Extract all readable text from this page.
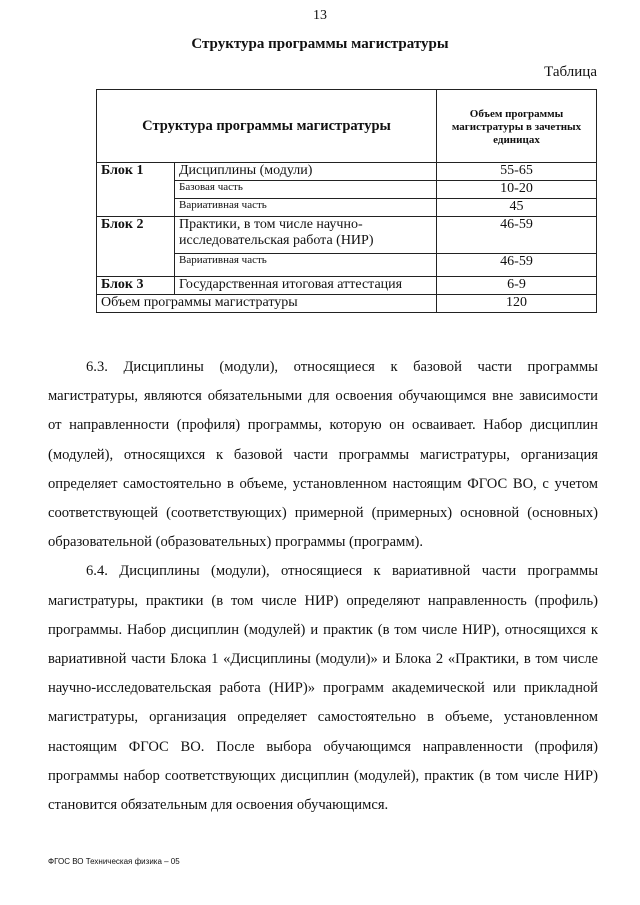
13
Структура программы магистратуры
Таблица
Структура программы магистратуры		Объем программы магистратуры в зачетных единицах
Блок 1	Дисциплины (модули)	55-65
	Базовая часть	10-20
	Вариативная часть	45
Блок 2	Практики, в том числе научно-исследовательская работа (НИР)	46-59
	Вариативная часть	46-59
Блок 3	Государственная итоговая аттестация	6-9
Объем программы магистратуры		120

6.3. Дисциплины (модули), относящиеся к базовой части программы магистратуры, являются обязательными для освоения обучающимся вне зависимости от направленности (профиля) программы, которую он осваивает. Набор дисциплин (модулей), относящихся к базовой части программы магистратуры, организация определяет самостоятельно в объеме, установленном настоящим ФГОС ВО, с учетом соответствующей (соответствующих) примерной (примерных) основной (основных) образовательной (образовательных) программы (программ).

6.4. Дисциплины (модули), относящиеся к вариативной части программы магистратуры, практики (в том числе НИР) определяют направленность (профиль) программы. Набор дисциплин (модулей) и практик (в том числе НИР), относящихся к вариативной части Блока 1 «Дисциплины (модули)» и Блока 2 «Практики, в том числе научно-исследовательская работа (НИР)» программ академической или прикладной магистратуры, организация определяет самостоятельно в объеме, установленном настоящим ФГОС ВО. После выбора обучающимся направленности (профиля) программы набор соответствующих дисциплин (модулей), практик (в том числе НИР) становится обязательным для освоения обучающимся.

ФГОС ВО Техническая физика – 05
